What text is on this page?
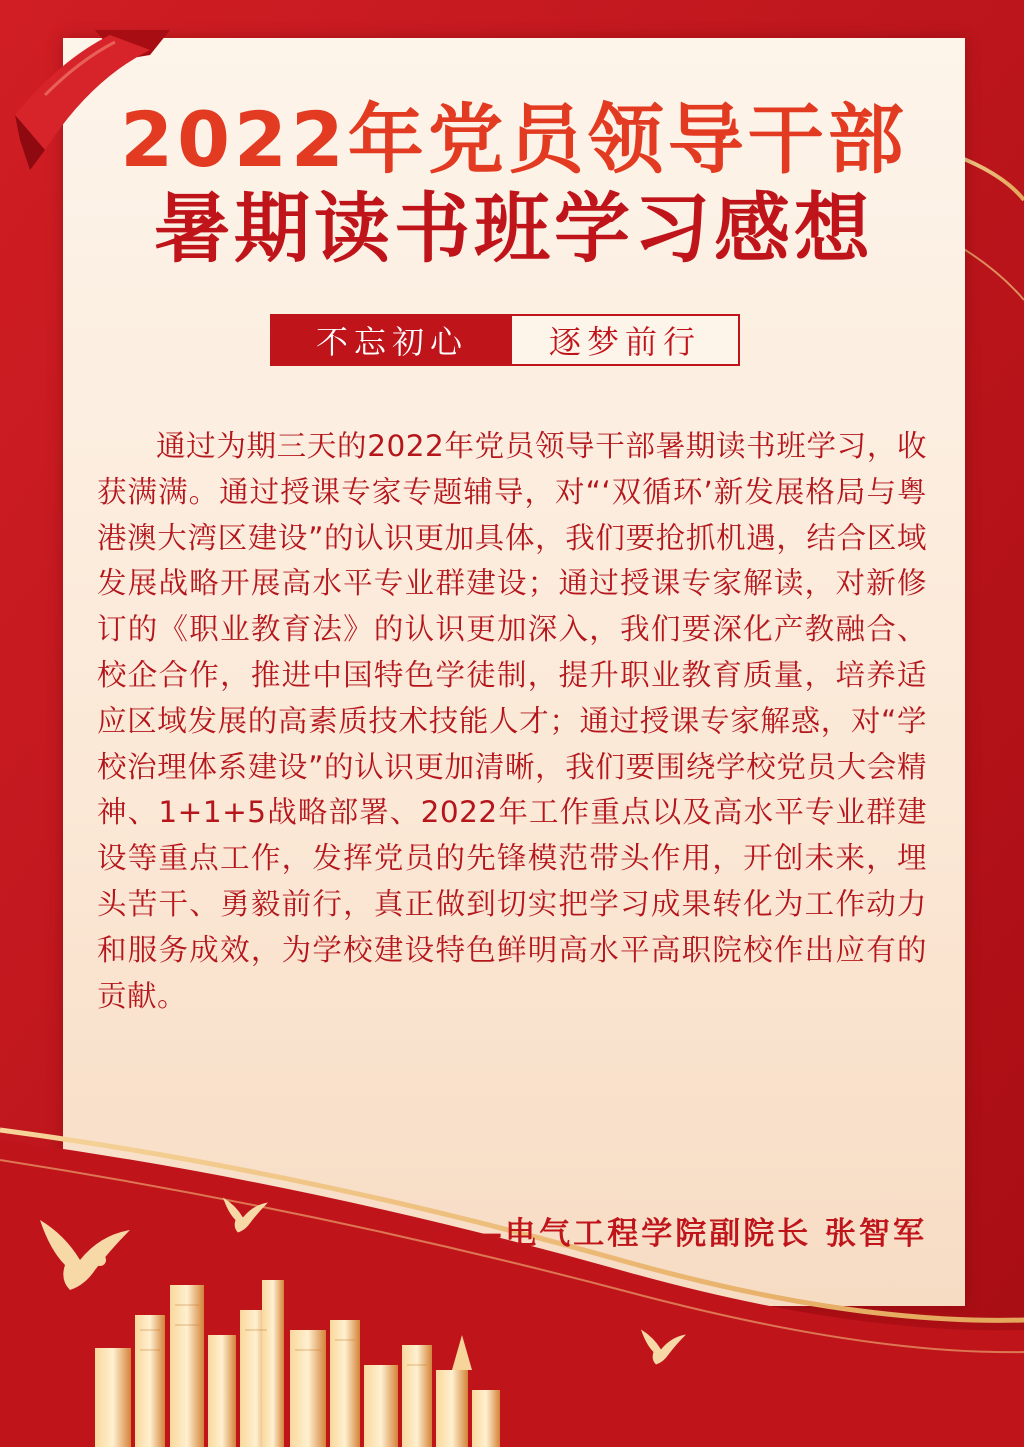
2022年党员领导干部
暑期读书班学习感想
不忘初心	逐梦前行

通过为期三天的2022年党员领导干部暑期读书班学习，收获满满。通过授课专家专题辅导，对“‘双循环’新发展格局与粤港澳大湾区建设”的认识更加具体，我们要抢抓机遇，结合区域发展战略开展高水平专业群建设；通过授课专家解读，对新修订的《职业教育法》的认识更加深入，我们要深化产教融合、校企合作，推进中国特色学徒制，提升职业教育质量，培养适应区域发展的高素质技术技能人才；通过授课专家解惑，对“学校治理体系建设”的认识更加清晰，我们要围绕学校党员大会精神、1+1+5战略部署、2022年工作重点以及高水平专业群建设等重点工作，发挥党员的先锋模范带头作用，开创未来，埋头苦干、勇毅前行，真正做到切实把学习成果转化为工作动力和服务成效，为学校建设特色鲜明高水平高职院校作出应有的贡献。

——电气工程学院副院长 张智军
